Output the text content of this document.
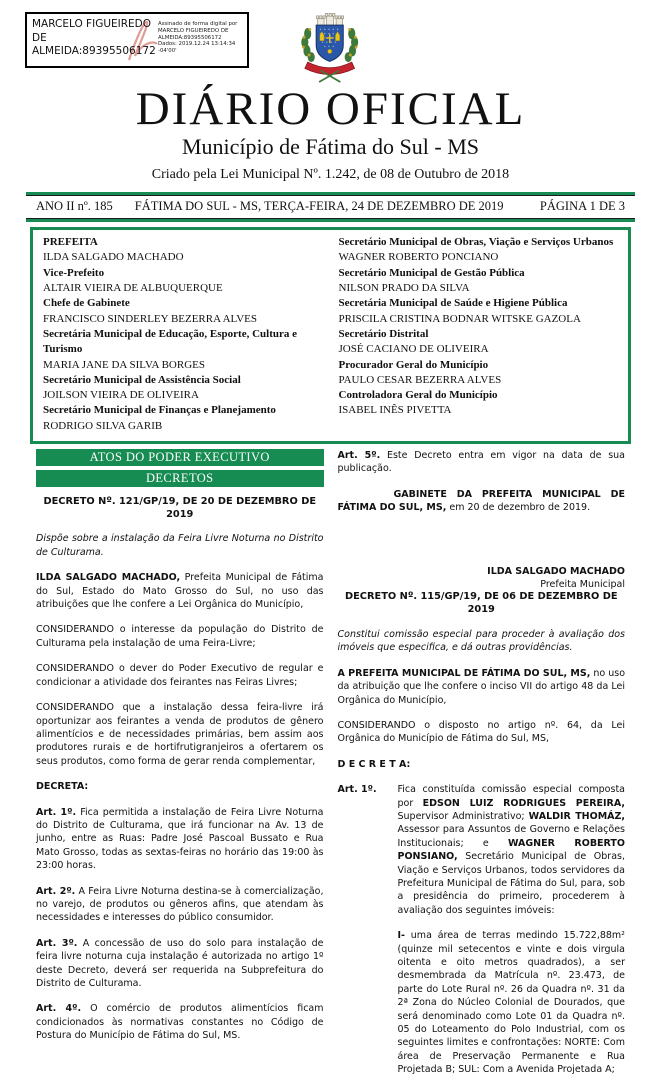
MARCELO FIGUEIREDO
DE
ALMEIDA:89395506172
Assinado de forma digital por
MARCELO FIGUEIREDO DE
ALMEIDA:89395506172
Dados: 2019.12.24 13:14:34 -04'00'
DIÁRIO OFICIAL
Município de Fátima do Sul - MS
Criado pela Lei Municipal Nº. 1.242, de 08 de Outubro de 2018
ANO II nº. 185 FÁTIMA DO SUL - MS, TERÇA-FEIRA, 24 DE DEZEMBRO DE 2019	PÁGINA 1 DE 3
PREFEITA
ILDA SALGADO MACHADO
Vice-Prefeito
ALTAIR VIEIRA DE ALBUQUERQUE
Chefe de Gabinete
FRANCISCO SINDERLEY BEZERRA ALVES
Secretária Municipal de Educação, Esporte, Cultura e Turismo
MARIA JANE DA SILVA BORGES
Secretário Municipal de Assistência Social
JOILSON VIEIRA DE OLIVEIRA
Secretário Municipal de Finanças e Planejamento
RODRIGO SILVA GARIB
Secretário Municipal de Obras, Viação e Serviços Urbanos
WAGNER ROBERTO PONCIANO
Secretário Municipal de Gestão Pública
NILSON PRADO DA SILVA
Secretária Municipal de Saúde e Higiene Pública
PRISCILA CRISTINA BODNAR WITSKE GAZOLA
Secretário Distrital
JOSÉ CACIANO DE OLIVEIRA
Procurador Geral do Município
PAULO CESAR BEZERRA ALVES
Controladora Geral do Município
ISABEL INÊS PIVETTA
ATOS DO PODER EXECUTIVO
DECRETOS
DECRETO Nº. 121/GP/19, DE 20 DE DEZEMBRO DE 2019

Dispõe sobre a instalação da Feira Livre Noturna no Distrito de Culturama.

ILDA SALGADO MACHADO, Prefeita Municipal de Fátima do Sul, Estado do Mato Grosso do Sul, no uso das atribuições que lhe confere a Lei Orgânica do Município,

CONSIDERANDO o interesse da população do Distrito de Culturama pela instalação de uma Feira-Livre;

CONSIDERANDO o dever do Poder Executivo de regular e condicionar a atividade dos feirantes nas Feiras Livres;

CONSIDERANDO que a instalação dessa feira-livre irá oportunizar aos feirantes a venda de produtos de gênero alimentícios e de necessidades primárias, bem assim aos produtores rurais e de hortifrutigranjeiros a ofertarem os seus produtos, como forma de gerar renda complementar,

DECRETA:

Art. 1º. Fica permitida a instalação de Feira Livre Noturna do Distrito de Culturama, que irá funcionar na Av. 13 de junho, entre as Ruas: Padre José Pascoal Bussato e Rua Mato Grosso, todas as sextas-feiras no horário das 19:00 às 23:00 horas.

Art. 2º. A Feira Livre Noturna destina-se à comercialização, no varejo, de produtos ou gêneros afins, que atendam às necessidades e interesses do público consumidor.

Art. 3º. A concessão de uso do solo para instalação de feira livre noturna cuja instalação é autorizada no artigo 1º deste Decreto, deverá ser requerida na Subprefeitura do Distrito de Culturama.

Art. 4º. O comércio de produtos alimentícios ficam condicionados às normativas constantes no Código de Postura do Município de Fátima do Sul, MS.

Art. 5º. Este Decreto entra em vigor na data de sua publicação.

GABINETE DA PREFEITA MUNICIPAL DE FÁTIMA DO SUL, MS, em 20 de dezembro de 2019.

ILDA SALGADO MACHADO
Prefeita Municipal
DECRETO Nº. 115/GP/19, DE 06 DE DEZEMBRO DE 2019

Constitui comissão especial para proceder à avaliação dos imóveis que especifica, e dá outras providências.

A PREFEITA MUNICIPAL DE FÁTIMA DO SUL, MS, no uso da atribuição que lhe confere o inciso VII do artigo 48 da Lei Orgânica do Município,

CONSIDERANDO o disposto no artigo nº. 64, da Lei Orgânica do Município de Fátima do Sul, MS,

D E C R E T A:

Art. 1º.	Fica constituída comissão especial composta por EDSON LUIZ RODRIGUES PEREIRA, Supervisor Administrativo; WALDIR THOMÁZ, Assessor para Assuntos de Governo e Relações Institucionais; e WAGNER ROBERTO PONSIANO, Secretário Municipal de Obras, Viação e Serviços Urbanos, todos servidores da Prefeitura Municipal de Fátima do Sul, para, sob a presidência do primeiro, procederem à avaliação dos seguintes imóveis:

I- uma área de terras medindo 15.722,88m² (quinze mil setecentos e vinte e dois virgula oitenta e oito metros quadrados), a ser desmembrada da Matrícula nº. 23.473, de parte do Lote Rural nº. 26 da Quadra nº. 31 da 2ª Zona do Núcleo Colonial de Dourados, que será denominado como Lote 01 da Quadra nº. 05 do Loteamento do Polo Industrial, com os seguintes limites e confrontações: NORTE: Com área de Preservação Permanente e Rua Projetada B; SUL: Com a Avenida Projetada A;
